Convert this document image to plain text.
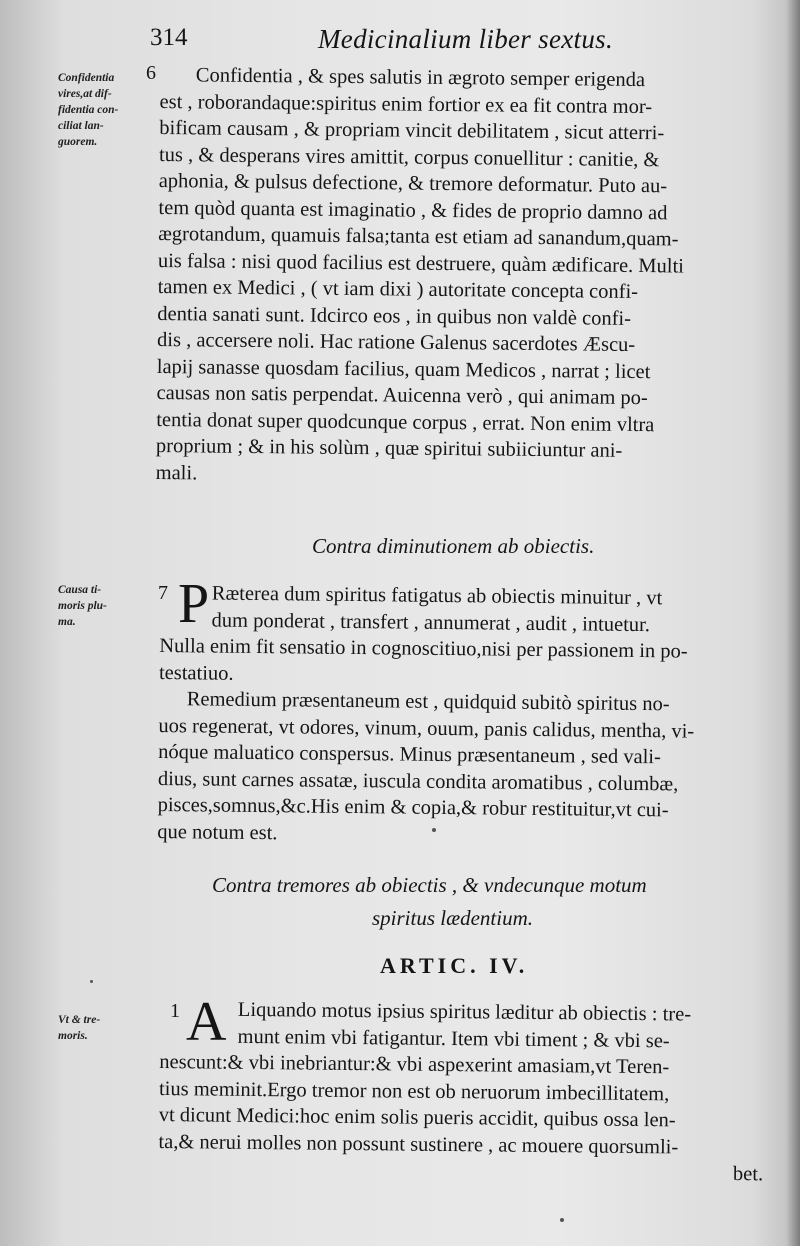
314	Medicinalium liber sextus.
Confidentia
vires,at dif-
fidentia con-
ciliat lan-
guorem.
6	Confidentia , & spes salutis in ægroto semper erigenda
est , roborandaque:spiritus enim fortior ex ea fit contra mor-
bificam causam , & propriam vincit debilitatem , sicut atterri-
tus , & desperans vires amittit, corpus conuellitur : canitie, &
aphonia, & pulsus defectione, & tremore deformatur. Puto au-
tem quòd quanta est imaginatio , & fides de proprio damno ad
ægrotandum, quamuis falsa;tanta est etiam ad sanandum,quam-
uis falsa : nisi quod facilius est destruere, quàm ædificare. Multi
tamen ex Medici , ( vt iam dixi ) autoritate concepta confi-
dentia sanati sunt. Idcirco eos , in quibus non valdè confi-
dis , accersere noli. Hac ratione Galenus sacerdotes Æscu-
lapij sanasse quosdam facilius, quam Medicos , narrat ; licet
causas non satis perpendat. Auicenna verò , qui animam po-
tentia donat super quodcunque corpus , errat. Non enim vltra
proprium ; & in his solùm , quæ spiritui subiiciuntur ani-
mali.
Contra diminutionem ab obiectis.
Causa ti-
moris plu-
ma.
7 P Ræterea dum spiritus fatigatus ab obiectis minuitur , vt
dum ponderat , transfert , annumerat , audit , intuetur.
Nulla enim fit sensatio in cognoscitiuo,nisi per passionem in po-
testatiuo.
Remedium præsentaneum est , quidquid subitò spiritus no-
uos regenerat, vt odores, vinum, ouum, panis calidus, mentha, vi-
nóque maluatico conspersus. Minus præsentaneum , sed vali-
dius, sunt carnes assatæ, iuscula condita aromatibus , columbæ,
pisces,somnus,&c.His enim & copia,& robur restituitur,vt cui-
que notum est.
Contra tremores ab obiectis , & vndecunque motum
spiritus lædentium.
ARTIC. IV.
Vt & tre-
moris.
1 A Liquando motus ipsius spiritus læditur ab obiectis : tre-
munt enim vbi fatigantur. Item vbi timent ; & vbi se-
nescunt:& vbi inebriantur:& vbi aspexerint amasiam,vt Teren-
tius meminit.Ergo tremor non est ob neruorum imbecillitatem,
vt dicunt Medici:hoc enim solis pueris accidit, quibus ossa len-
ta,& nerui molles non possunt sustinere , ac mouere quorsumli-
bet.
